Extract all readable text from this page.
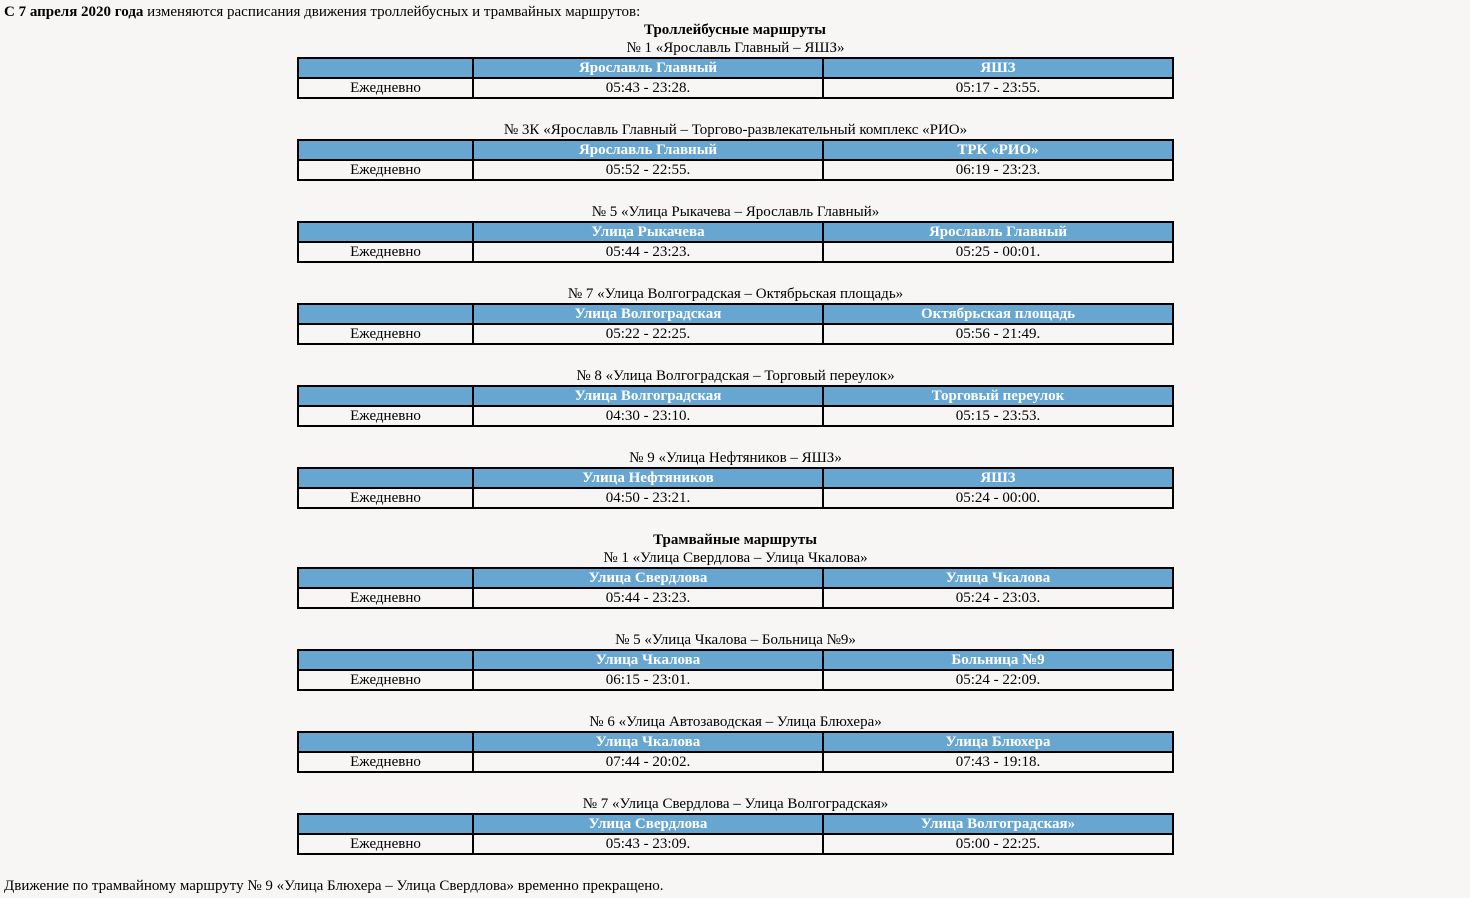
С 7 апреля 2020 года изменяются расписания движения троллейбусных и трамвайных маршрутов:
Троллейбусные маршруты
№ 1 «Ярославль Главный – ЯШЗ»
	Ярославль Главный	ЯШЗ
Ежедневно	05:43 - 23:28.	05:17 - 23:55.
№ 3К «Ярославль Главный – Торгово-развлекательный комплекс «РИО»
	Ярославль Главный	ТРК «РИО»
Ежедневно	05:52 - 22:55.	06:19 - 23:23.
№ 5 «Улица Рыкачева – Ярославль Главный»
	Улица Рыкачева	Ярославль Главный
Ежедневно	05:44 - 23:23.	05:25 - 00:01.
№ 7 «Улица Волгоградская – Октябрьская площадь»
	Улица Волгоградская	Октябрьская площадь
Ежедневно	05:22 - 22:25.	05:56 - 21:49.
№ 8 «Улица Волгоградская – Торговый переулок»
	Улица Волгоградская	Торговый переулок
Ежедневно	04:30 - 23:10.	05:15 - 23:53.
№ 9 «Улица Нефтяников – ЯШЗ»
	Улица Нефтяников	ЯШЗ
Ежедневно	04:50 - 23:21.	05:24 - 00:00.
Трамвайные маршруты
№ 1 «Улица Свердлова – Улица Чкалова»
	Улица Свердлова	Улица Чкалова
Ежедневно	05:44 - 23:23.	05:24 - 23:03.
№ 5 «Улица Чкалова – Больница №9»
	Улица Чкалова	Больница №9
Ежедневно	06:15 - 23:01.	05:24 - 22:09.
№ 6 «Улица Автозаводская – Улица Блюхера»
	Улица Чкалова	Улица Блюхера
Ежедневно	07:44 - 20:02.	07:43 - 19:18.
№ 7 «Улица Свердлова – Улица Волгоградская»
	Улица Свердлова	Улица Волгоградская»
Ежедневно	05:43 - 23:09.	05:00 - 22:25.
Движение по трамвайному маршруту № 9 «Улица Блюхера – Улица Свердлова» временно прекращено.
